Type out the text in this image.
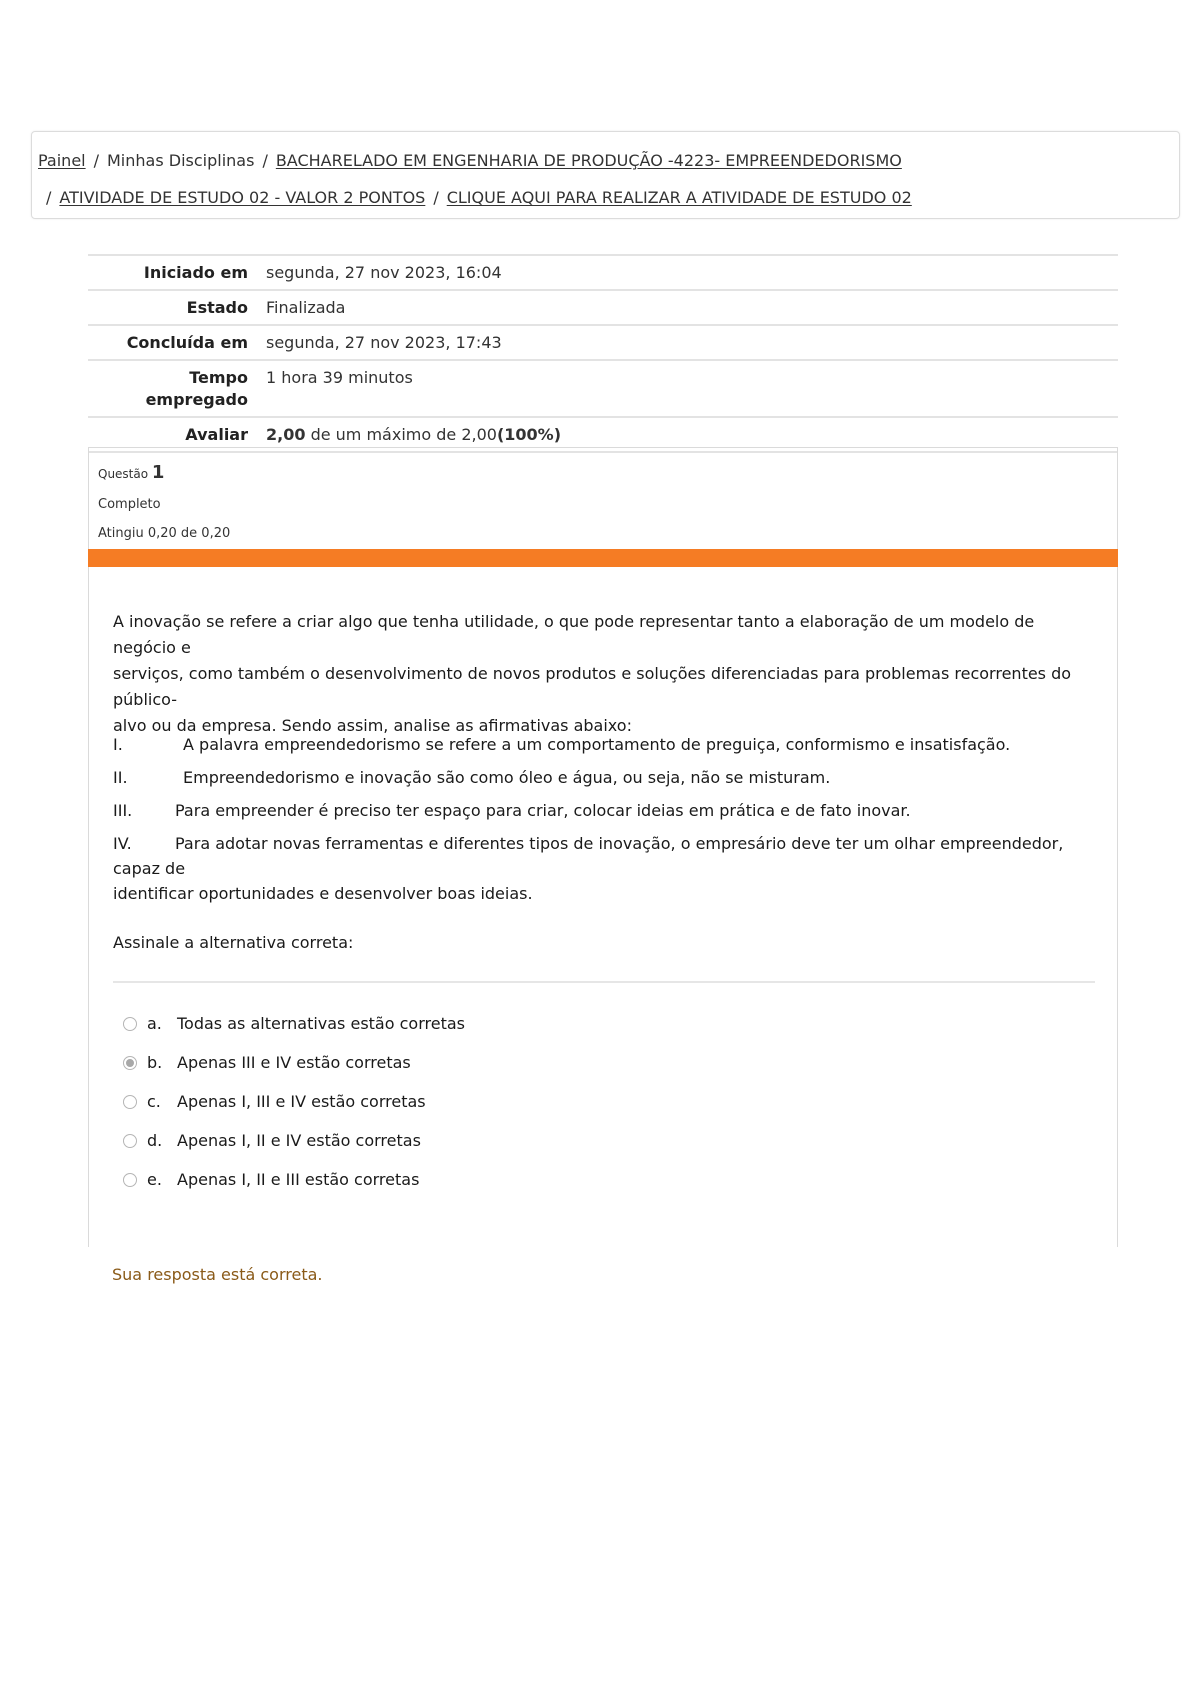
Painel / Minhas Disciplinas / BACHARELADO EM ENGENHARIA DE PRODUÇÃO -4223- EMPREENDEDORISMO
/ ATIVIDADE DE ESTUDO 02 - VALOR 2 PONTOS / CLIQUE AQUI PARA REALIZAR A ATIVIDADE DE ESTUDO 02
Iniciado em	segunda, 27 nov 2023, 16:04
Estado	Finalizada
Concluída em	segunda, 27 nov 2023, 17:43
Tempo empregado	1 hora 39 minutos
Avaliar	2,00 de um máximo de 2,00(100%)
Questão 1
Completo
Atingiu 0,20 de 0,20

A inovação se refere a criar algo que tenha utilidade, o que pode representar tanto a elaboração de um modelo de negócio e

serviços, como também o desenvolvimento de novos produtos e soluções diferenciadas para problemas recorrentes do público-

alvo ou da empresa. Sendo assim, analise as afirmativas abaixo:

I.	A palavra empreendedorismo se refere a um comportamento de preguiça, conformismo e insatisfação.
II.	Empreendedorismo e inovação são como óleo e água, ou seja, não se misturam.
III.	Para empreender é preciso ter espaço para criar, colocar ideias em prática e de fato inovar.
IV.	Para adotar novas ferramentas e diferentes tipos de inovação, o empresário deve ter um olhar empreendedor, capaz de
identificar oportunidades e desenvolver boas ideias.
Assinale a alternativa correta:
a. Todas as alternativas estão corretas
b. Apenas III e IV estão corretas
c.	Apenas I, III e IV estão corretas
d. Apenas I, II e IV estão corretas
e. Apenas I, II e III estão corretas
Sua resposta está correta.
